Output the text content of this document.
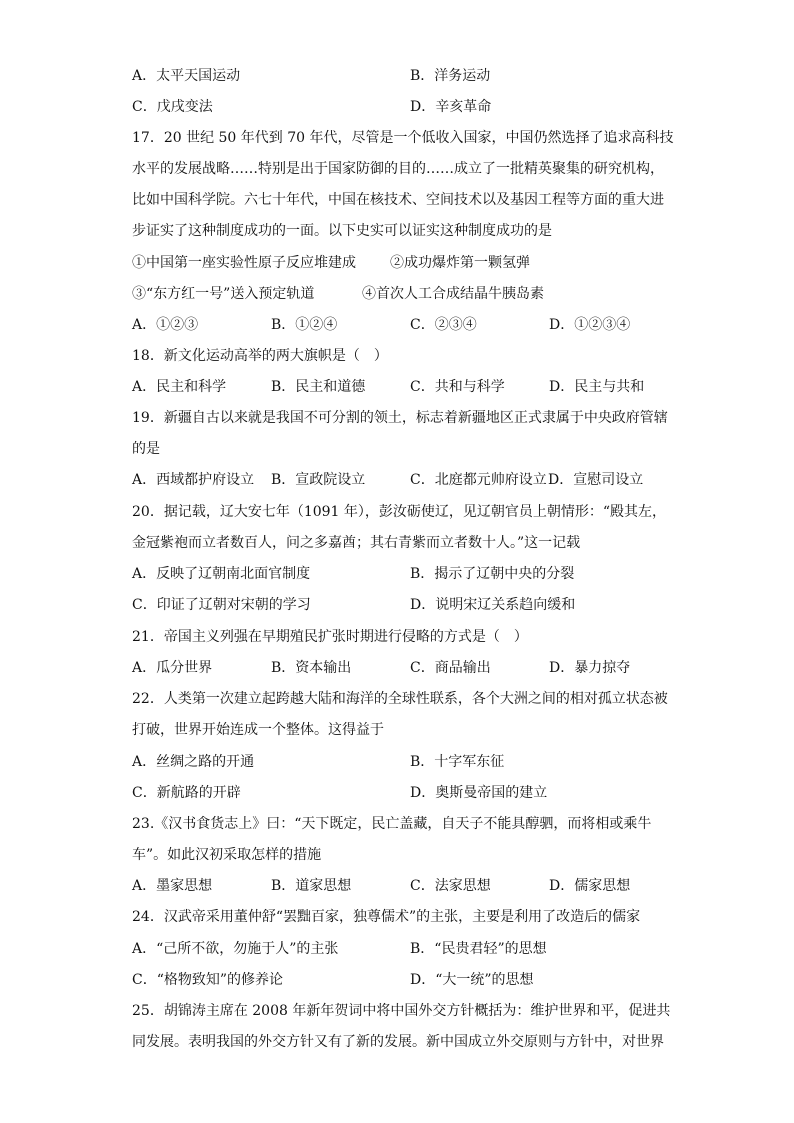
A．太平天国运动	B．洋务运动
C．戊戌变法	D．辛亥革命
17．20 世纪 50 年代到 70 年代，尽管是一个低收入国家，中国仍然选择了追求高科技
水平的发展战略……特别是出于国家防御的目的……成立了一批精英聚集的研究机构，
比如中国科学院。六七十年代，中国在核技术、空间技术以及基因工程等方面的重大进
步证实了这种制度成功的一面。以下史实可以证实这种制度成功的是
①中国第一座实验性原子反应堆建成 ②成功爆炸第一颗氢弹
③“东方红一号”送入预定轨道	④首次人工合成结晶牛胰岛素
A．①②③	B．①②④	C．②③④	D．①②③④
18．新文化运动高举的两大旗帜是（　）
A．民主和科学	B．民主和道德	C．共和与科学	D．民主与共和
19．新疆自古以来就是我国不可分割的领土，标志着新疆地区正式隶属于中央政府管辖
的是
A．西域都护府设立 B．宣政院设立	C．北庭都元帅府设立 D．宣慰司设立
20．据记载，辽大安七年（1091 年），彭汝砺使辽，见辽朝官员上朝情形：“殿其左，
金冠紫袍而立者数百人，问之多嘉酋；其右青紫而立者数十人。”这一记载
A．反映了辽朝南北面官制度	B．揭示了辽朝中央的分裂
C．印证了辽朝对宋朝的学习	D．说明宋辽关系趋向缓和
21．帝国主义列强在早期殖民扩张时期进行侵略的方式是（　）
A．瓜分世界	B．资本输出	C．商品输出	D．暴力掠夺
22．人类第一次建立起跨越大陆和海洋的全球性联系，各个大洲之间的相对孤立状态被
打破，世界开始连成一个整体。这得益于
A．丝绸之路的开通	B．十字军东征
C．新航路的开辟	D．奥斯曼帝国的建立
23.《汉书食货志上》曰：“天下既定，民亡盖藏，自天子不能具醇驷，而将相或乘牛
车”。如此汉初采取怎样的措施
A．墨家思想	B．道家思想	C．法家思想	D．儒家思想
24．汉武帝采用董仲舒“罢黜百家，独尊儒术”的主张，主要是利用了改造后的儒家
A．“己所不欲，勿施于人”的主张	B．“民贵君轻”的思想
C．“格物致知”的修养论	D．“大一统”的思想
25．胡锦涛主席在 2008 年新年贺词中将中国外交方针概括为：维护世界和平，促进共
同发展。表明我国的外交方针又有了新的发展。新中国成立外交原则与方针中，对世界
